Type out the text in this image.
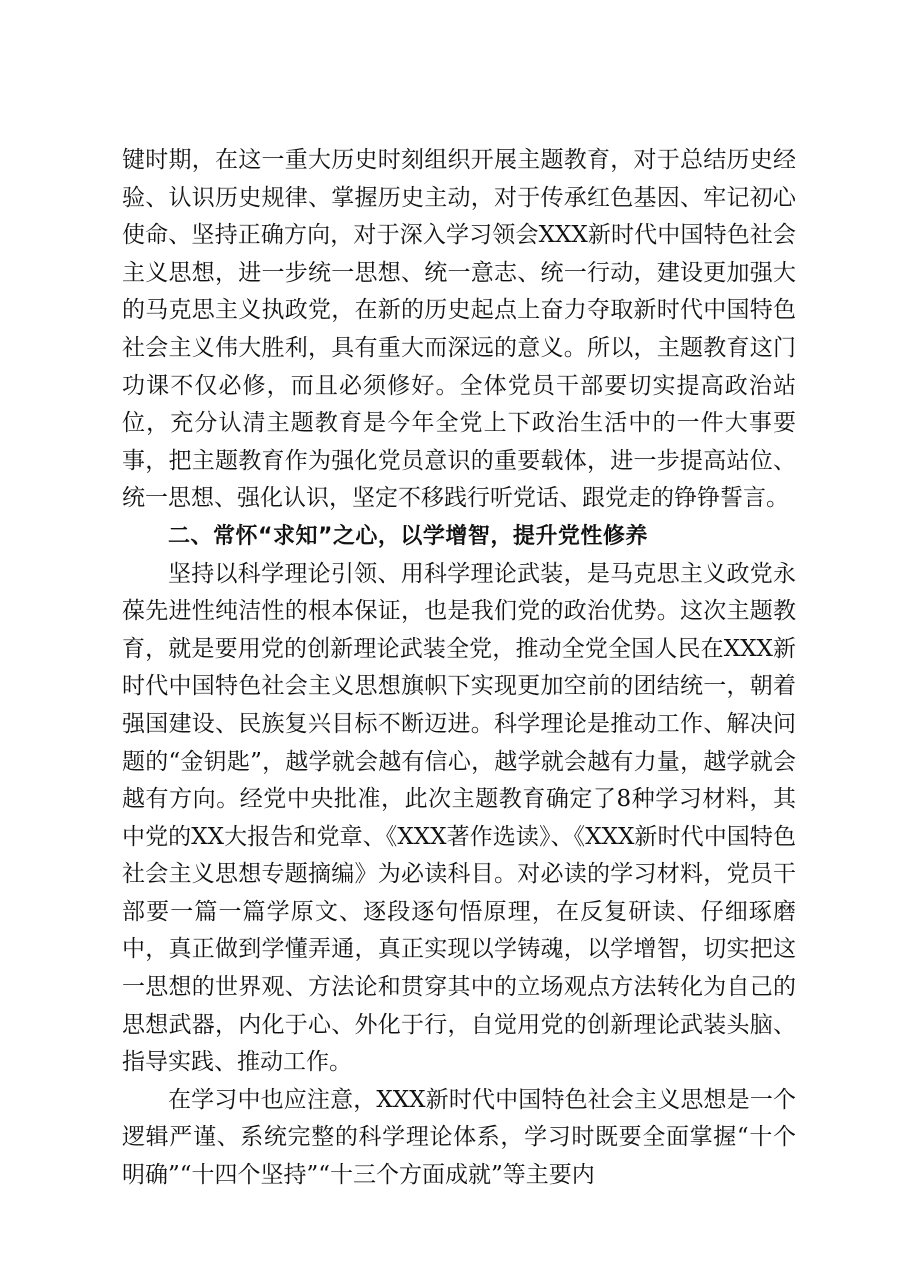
键时期，在这一重大历史时刻组织开展主题教育，对于总结历史经验、认识历史规律、掌握历史主动，对于传承红色基因、牢记初心使命、坚持正确方向，对于深入学习领会XXX新时代中国特色社会主义思想，进一步统一思想、统一意志、统一行动，建设更加强大的马克思主义执政党，在新的历史起点上奋力夺取新时代中国特色社会主义伟大胜利，具有重大而深远的意义。所以，主题教育这门功课不仅必修，而且必须修好。全体党员干部要切实提高政治站位，充分认清主题教育是今年全党上下政治生活中的一件大事要事，把主题教育作为强化党员意识的重要载体，进一步提高站位、统一思想、强化认识，坚定不移践行听党话、跟党走的铮铮誓言。

二、常怀“求知”之心，以学增智，提升党性修养

坚持以科学理论引领、用科学理论武装，是马克思主义政党永葆先进性纯洁性的根本保证，也是我们党的政治优势。这次主题教育，就是要用党的创新理论武装全党，推动全党全国人民在XXX新时代中国特色社会主义思想旗帜下实现更加空前的团结统一，朝着强国建设、民族复兴目标不断迈进。科学理论是推动工作、解决问题的“金钥匙”，越学就会越有信心，越学就会越有力量，越学就会越有方向。经党中央批准，此次主题教育确定了8种学习材料，其中党的XX大报告和党章、《XXX著作选读》、《XXX新时代中国特色社会主义思想专题摘编》为必读科目。对必读的学习材料，党员干部要一篇一篇学原文、逐段逐句悟原理，在反复研读、仔细琢磨中，真正做到学懂弄通，真正实现以学铸魂，以学增智，切实把这一思想的世界观、方法论和贯穿其中的立场观点方法转化为自己的思想武器，内化于心、外化于行，自觉用党的创新理论武装头脑、指导实践、推动工作。

在学习中也应注意，XXX新时代中国特色社会主义思想是一个逻辑严谨、系统完整的科学理论体系，学习时既要全面掌握“十个明确”“十四个坚持”“十三个方面成就”等主要内
